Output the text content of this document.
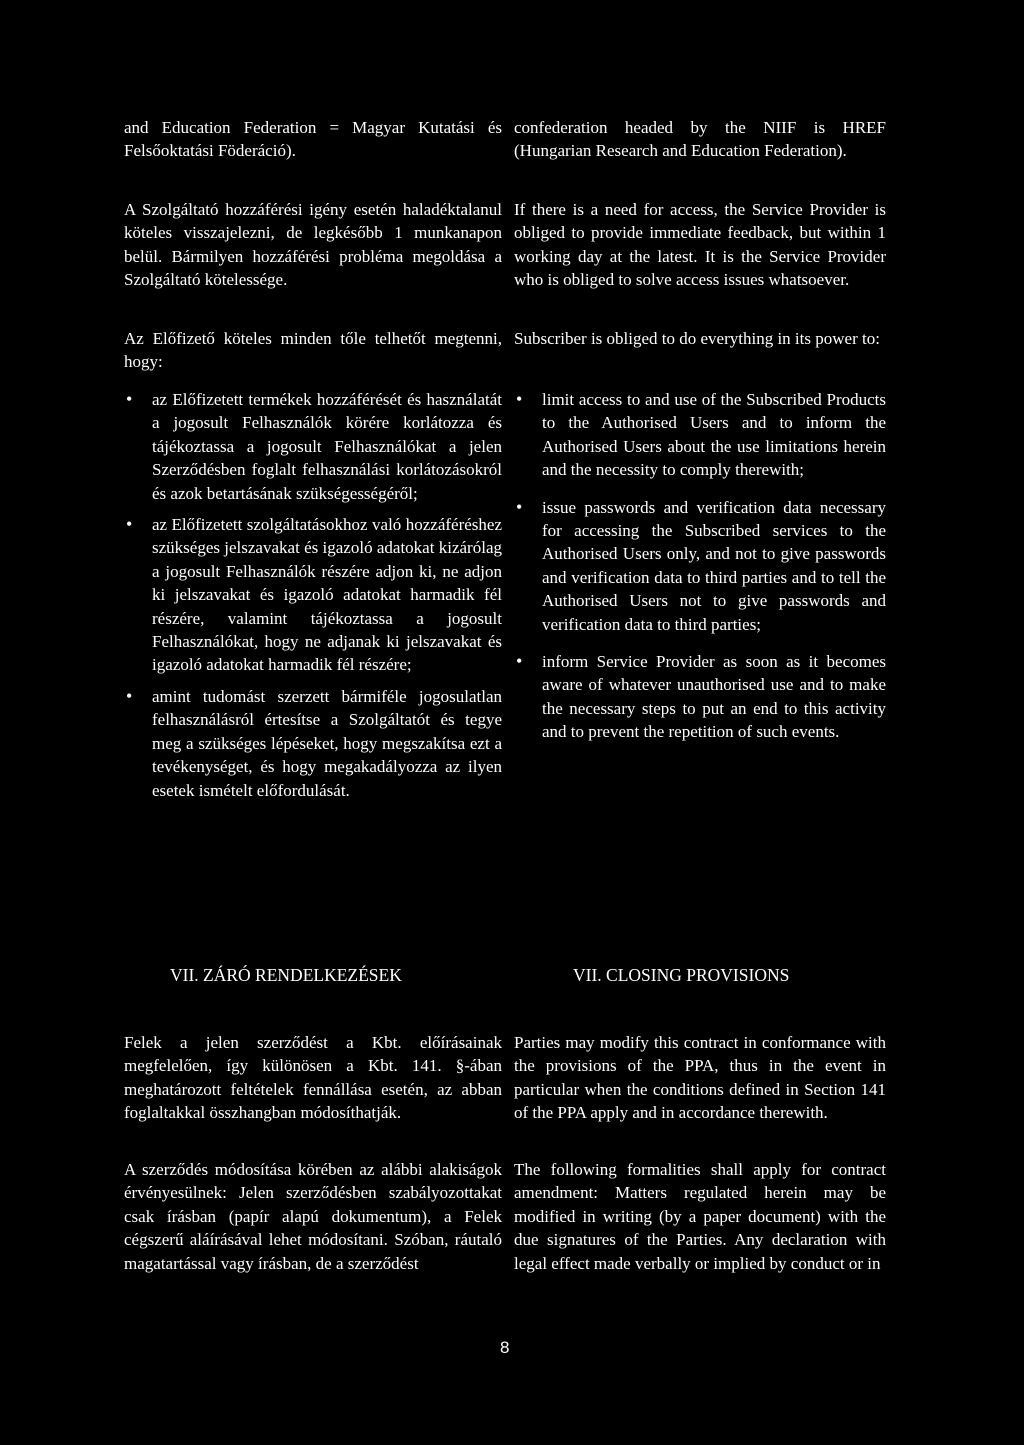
and Education Federation = Magyar Kutatási és Felsőoktatási Föderáció).

A Szolgáltató hozzáférési igény esetén haladéktalanul köteles visszajelezni, de legkésőbb 1 munkanapon belül. Bármilyen hozzáférési probléma megoldása a Szolgáltató kötelessége.

Az Előfizető köteles minden tőle telhetőt megtenni, hogy:

• az Előfizetett termékek hozzáférését és használatát a jogosult Felhasználók körére korlátozza és tájékoztassa a jogosult Felhasználókat a jelen Szerződésben foglalt felhasználási korlátozásokról és azok betartásának szükségességéről;
• az Előfizetett szolgáltatásokhoz való hozzáféréshez szükséges jelszavakat és igazoló adatokat kizárólag a jogosult Felhasználók részére adjon ki, ne adjon ki jelszavakat és igazoló adatokat harmadik fél részére, valamint tájékoztassa a jogosult Felhasználókat, hogy ne adjanak ki jelszavakat és igazoló adatokat harmadik fél részére;
• amint tudomást szerzett bármiféle jogosulatlan felhasználásról értesítse a Szolgáltatót és tegye meg a szükséges lépéseket, hogy megszakítsa ezt a tevékenységet, és hogy megakadályozza az ilyen esetek ismételt előfordulását.

Felek a jelen szerződést a Kbt. előírásainak megfelelően, így különösen a Kbt. 141. §-ában meghatározott feltételek fennállása esetén, az abban foglaltakkal összhangban módosíthatják.

A szerződés módosítása körében az alábbi alakiságok érvényesülnek: Jelen szerződésben szabályozottakat csak írásban (papír alapú dokumentum), a Felek cégszerű aláírásával lehet módosítani. Szóban, ráutaló magatartással vagy írásban, de a szerződést

confederation headed by the NIIF is HREF (Hungarian Research and Education Federation).

If there is a need for access, the Service Provider is obliged to provide immediate feedback, but within 1 working day at the latest. It is the Service Provider who is obliged to solve access issues whatsoever.

Subscriber is obliged to do everything in its power to:

• limit access to and use of the Subscribed Products to the Authorised Users and to inform the Authorised Users about the use limitations herein and the necessity to comply therewith;
• issue passwords and verification data necessary for accessing the Subscribed services to the Authorised Users only, and not to give passwords and verification data to third parties and to tell the Authorised Users not to give passwords and verification data to third parties;
• inform Service Provider as soon as it becomes aware of whatever unauthorised use and to make the necessary steps to put an end to this activity and to prevent the repetition of such events.

Parties may modify this contract in conformance with the provisions of the PPA, thus in the event in particular when the conditions defined in Section 141 of the PPA apply and in accordance therewith.

The following formalities shall apply for contract amendment: Matters regulated herein may be modified in writing (by a paper document) with the due signatures of the Parties. Any declaration with legal effect made verbally or implied by conduct or in

VII. ZÁRÓ RENDELKEZÉSEK	VII. CLOSING PROVISIONS
8
